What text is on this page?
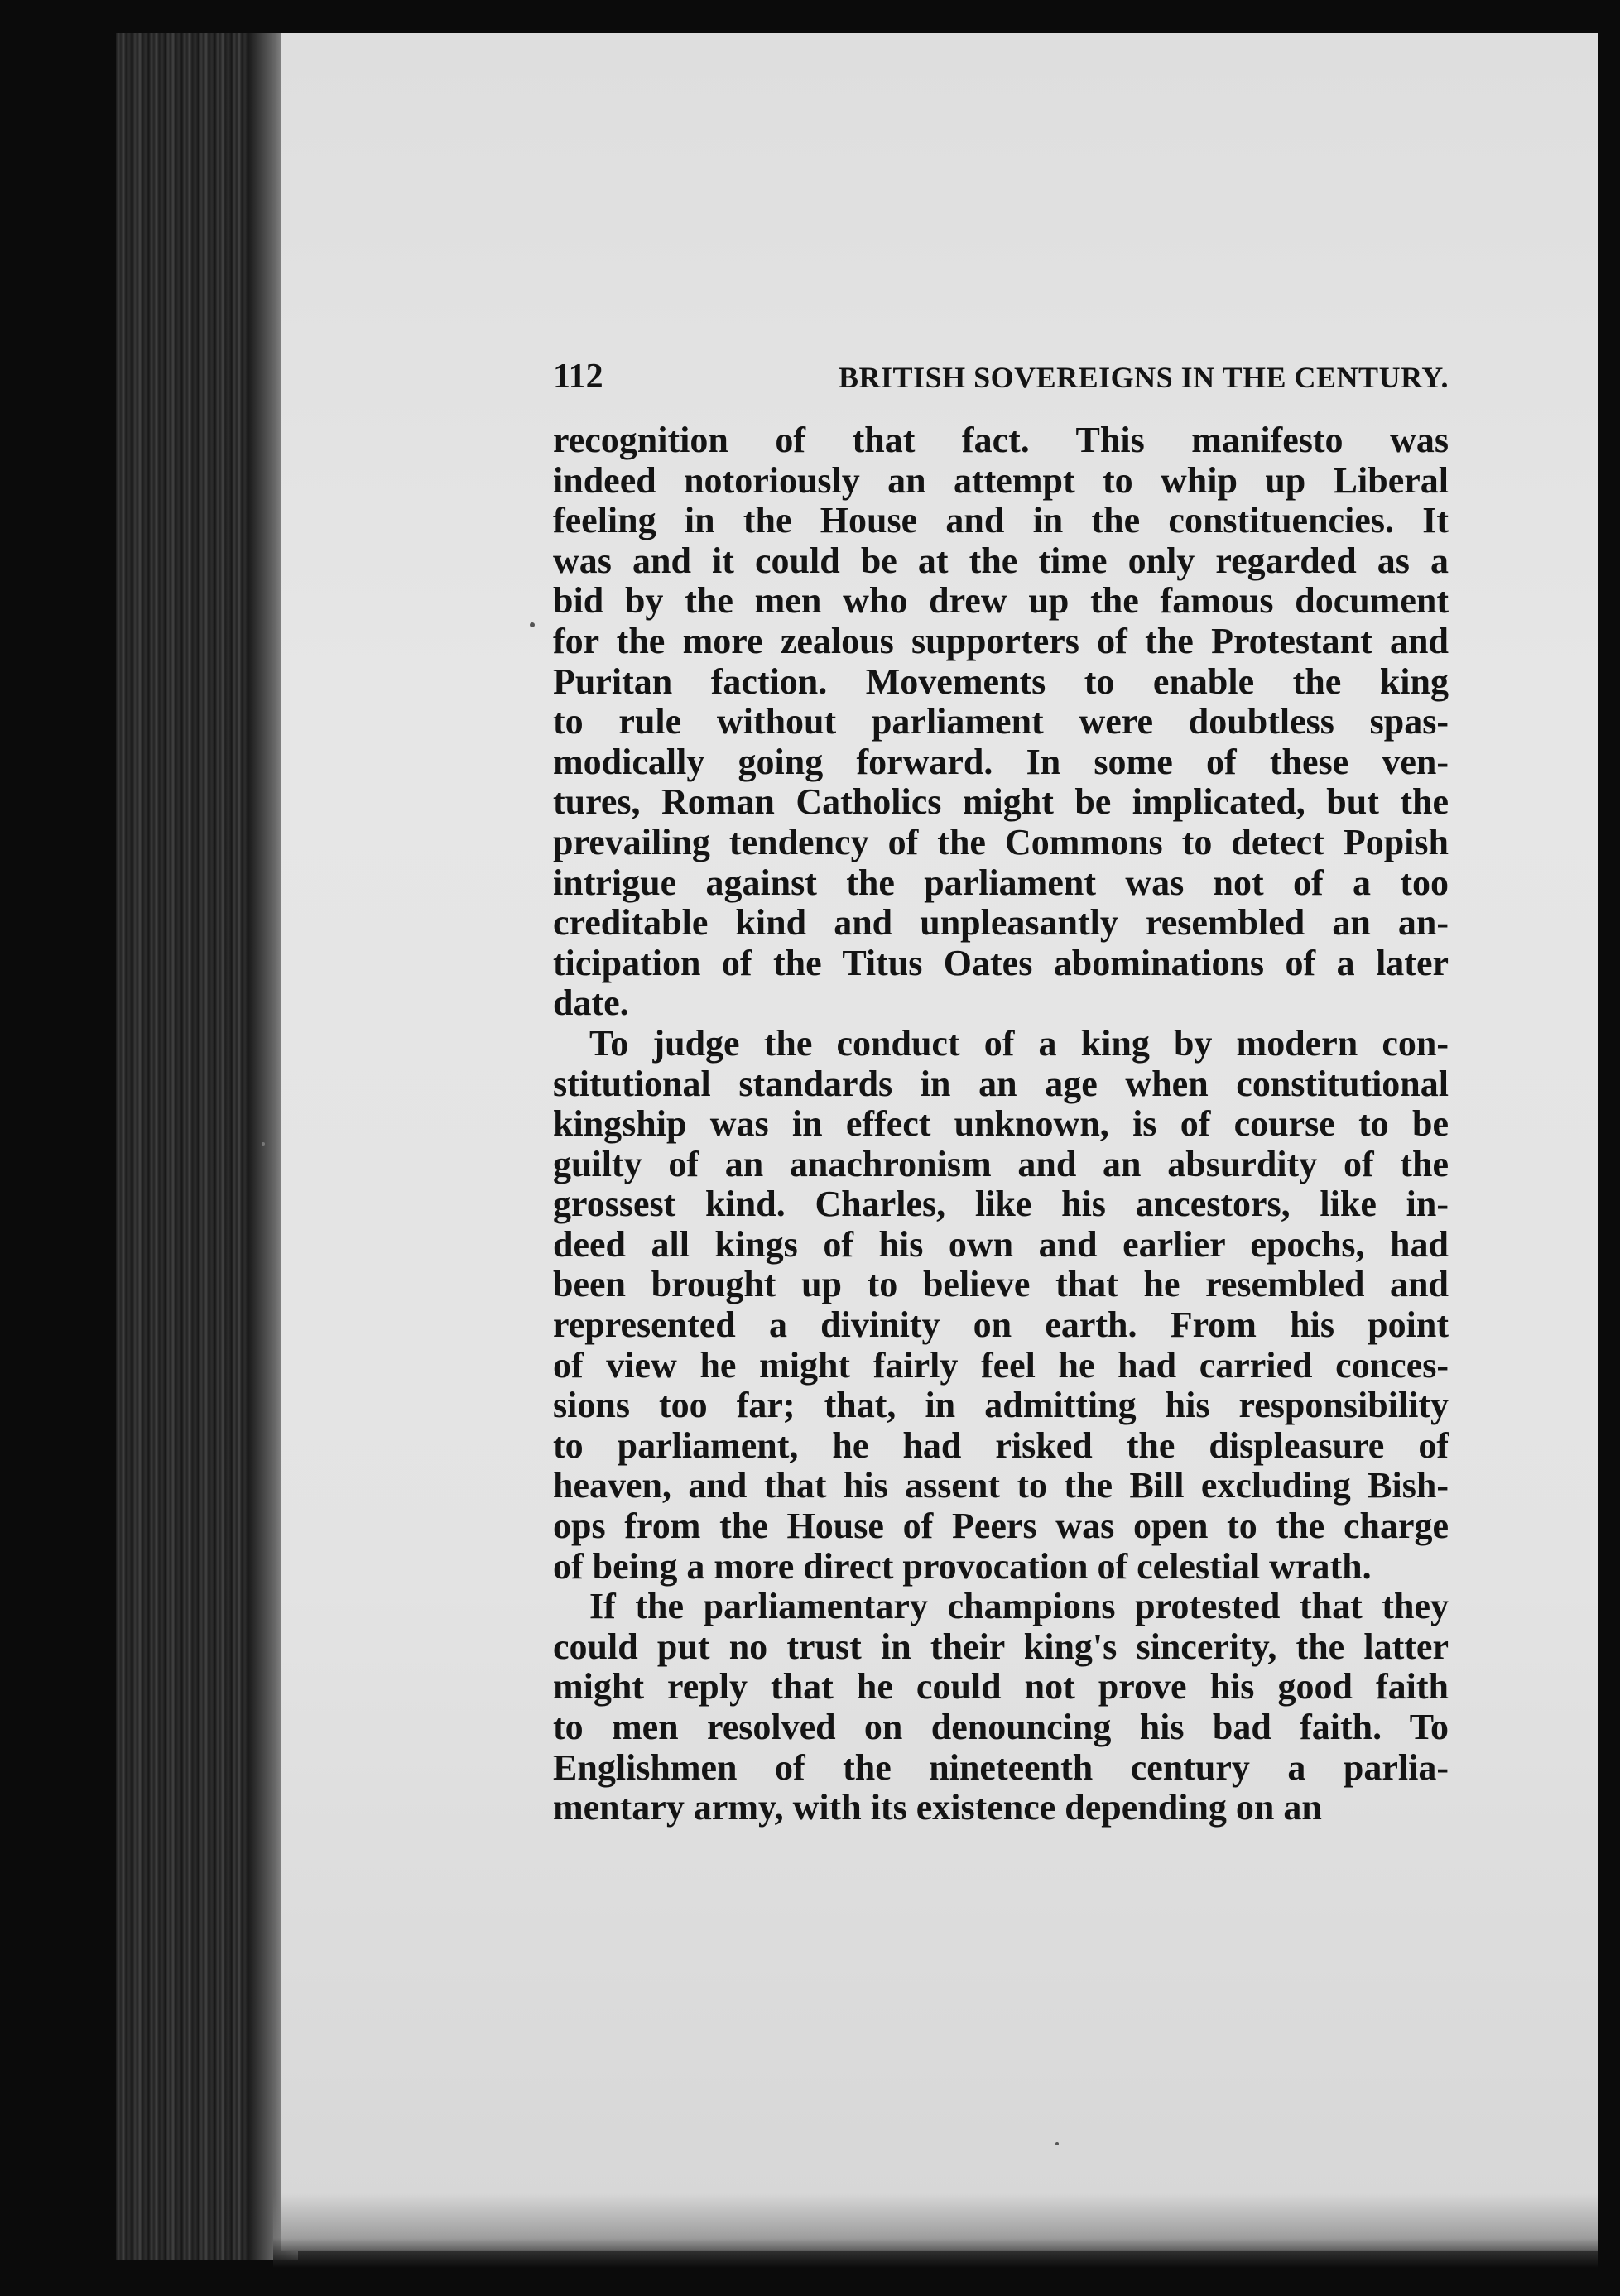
112	BRITISH SOVEREIGNS IN THE CENTURY.
recognition of that fact. This manifesto was
indeed notoriously an attempt to whip up Liberal
feeling in the House and in the constituencies. It
was and it could be at the time only regarded as a
bid by the men who drew up the famous document
for the more zealous supporters of the Protestant and
Puritan faction. Movements to enable the king
to rule without parliament were doubtless spas-
modically going forward. In some of these ven-
tures, Roman Catholics might be implicated, but the
prevailing tendency of the Commons to detect Popish
intrigue against the parliament was not of a too
creditable kind and unpleasantly resembled an an-
ticipation of the Titus Oates abominations of a later
date.
To judge the conduct of a king by modern con-
stitutional standards in an age when constitutional
kingship was in effect unknown, is of course to be
guilty of an anachronism and an absurdity of the
grossest kind. Charles, like his ancestors, like in-
deed all kings of his own and earlier epochs, had
been brought up to believe that he resembled and
represented a divinity on earth. From his point
of view he might fairly feel he had carried conces-
sions too far; that, in admitting his responsibility
to parliament, he had risked the displeasure of
heaven, and that his assent to the Bill excluding Bish-
ops from the House of Peers was open to the charge
of being a more direct provocation of celestial wrath.
If the parliamentary champions protested that they
could put no trust in their king's sincerity, the latter
might reply that he could not prove his good faith
to men resolved on denouncing his bad faith. To
Englishmen of the nineteenth century a parlia-
mentary army, with its existence depending on an
